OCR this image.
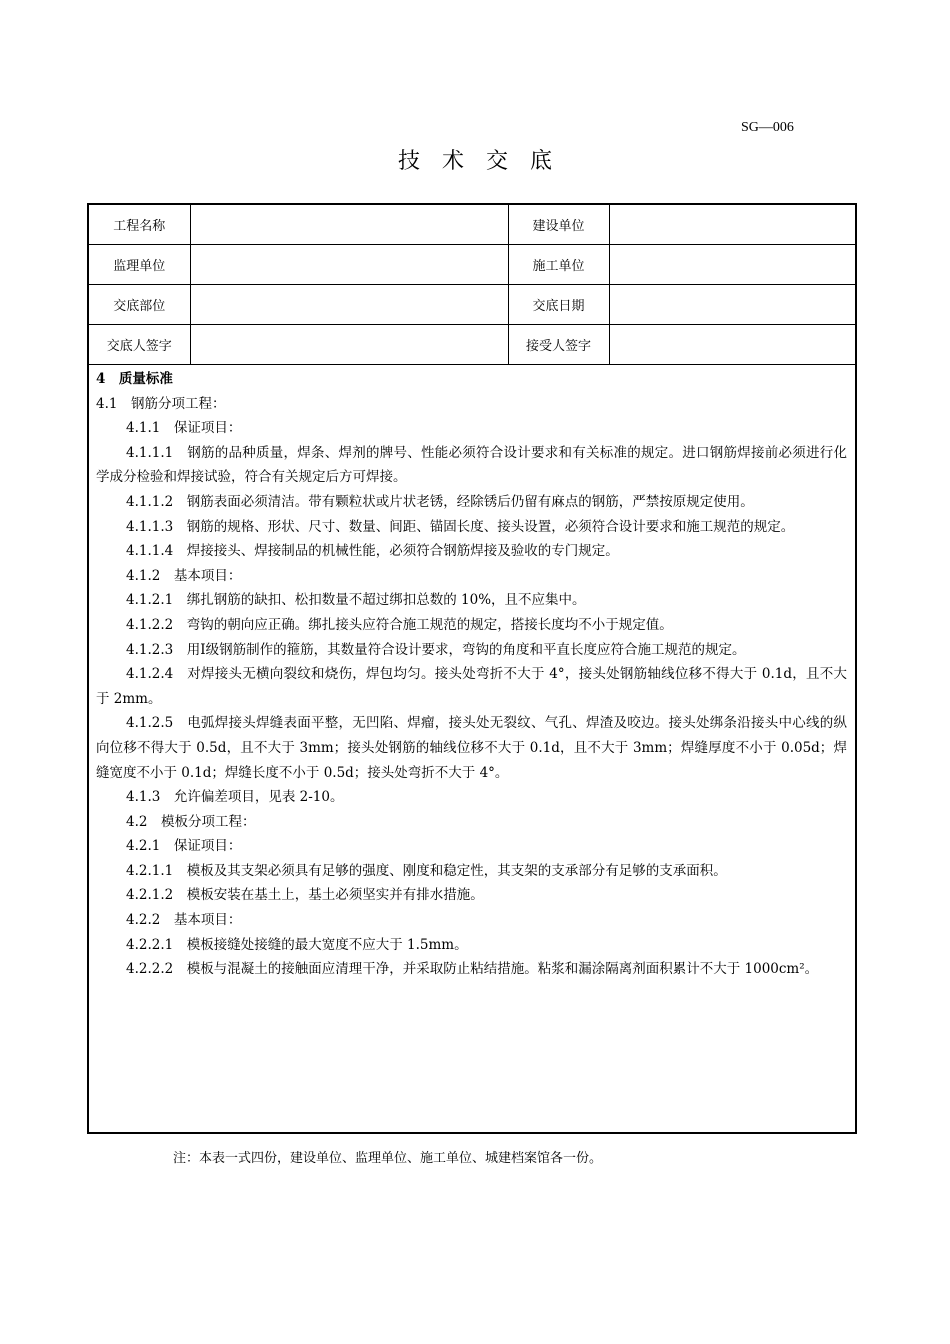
SG—006
技术交底
工程名称		建设单位	
监理单位		施工单位	
交底部位		交底日期	
交底人签字		接受人签字	

4　质量标准

4.1　钢筋分项工程：

4.1.1　保证项目：

4.1.1.1　钢筋的品种质量，焊条、焊剂的牌号、性能必须符合设计要求和有关标准的规定。进口钢筋焊接前必须进行化学成分检验和焊接试验，符合有关规定后方可焊接。

4.1.1.2　钢筋表面必须清洁。带有颗粒状或片状老锈，经除锈后仍留有麻点的钢筋，严禁按原规定使用。

4.1.1.3　钢筋的规格、形状、尺寸、数量、间距、锚固长度、接头设置，必须符合设计要求和施工规范的规定。

4.1.1.4　焊接接头、焊接制品的机械性能，必须符合钢筋焊接及验收的专门规定。

4.1.2　基本项目：

4.1.2.1　绑扎钢筋的缺扣、松扣数量不超过绑扣总数的 10%，且不应集中。

4.1.2.2　弯钩的朝向应正确。绑扎接头应符合施工规范的规定，搭接长度均不小于规定值。

4.1.2.3　用Ⅰ级钢筋制作的箍筋，其数量符合设计要求，弯钩的角度和平直长度应符合施工规范的规定。

4.1.2.4　对焊接头无横向裂纹和烧伤，焊包均匀。接头处弯折不大于 4°，接头处钢筋轴线位移不得大于 0.1d，且不大于 2mm。

4.1.2.5　电弧焊接头焊缝表面平整，无凹陷、焊瘤，接头处无裂纹、气孔、焊渣及咬边。接头处绑条沿接头中心线的纵向位移不得大于 0.5d，且不大于 3mm；接头处钢筋的轴线位移不大于 0.1d，且不大于 3mm；焊缝厚度不小于 0.05d；焊缝宽度不小于 0.1d；焊缝长度不小于 0.5d；接头处弯折不大于 4°。

4.1.3　允许偏差项目，见表 2-10。

4.2　模板分项工程：

4.2.1　保证项目：

4.2.1.1　模板及其支架必须具有足够的强度、刚度和稳定性，其支架的支承部分有足够的支承面积。

4.2.1.2　模板安装在基土上，基土必须坚实并有排水措施。

4.2.2　基本项目：

4.2.2.1　模板接缝处接缝的最大宽度不应大于 1.5mm。

4.2.2.2　模板与混凝土的接触面应清理干净，并采取防止粘结措施。粘浆和漏涂隔离剂面积累计不大于 1000cm²。

注：本表一式四份，建设单位、监理单位、施工单位、城建档案馆各一份。
